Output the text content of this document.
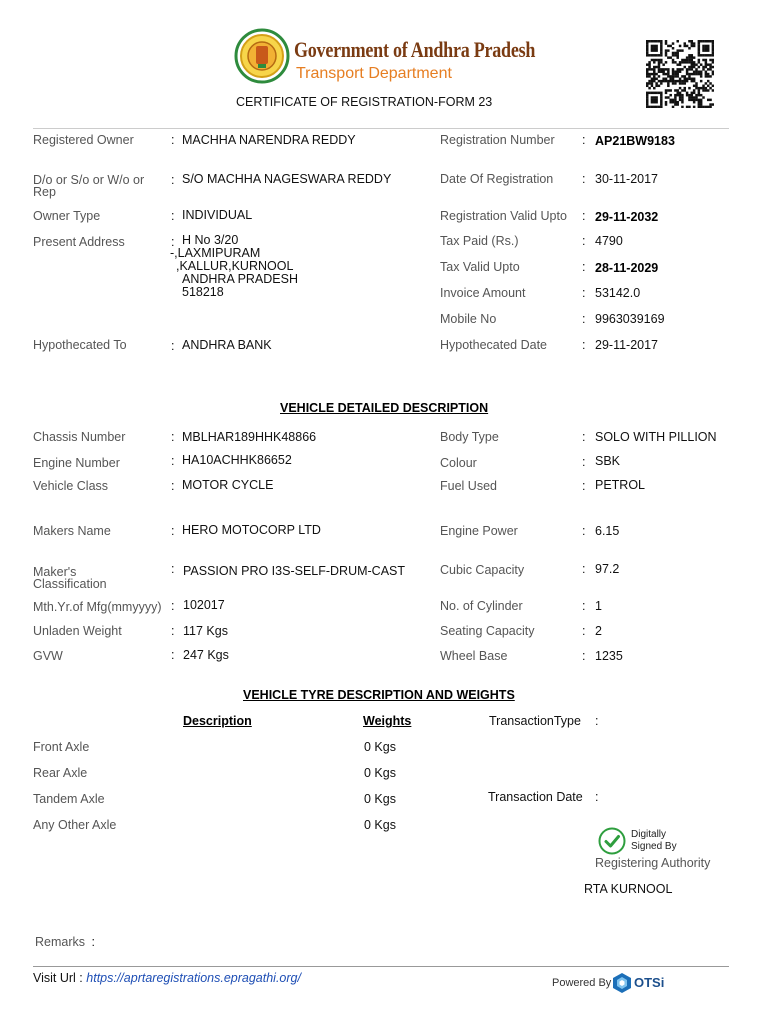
Government of Andhra Pradesh
Transport Department
CERTIFICATE OF REGISTRATION-FORM 23
Registered Owner	: MACHHA NARENDRA REDDY
D/o or S/o or W/o or
Rep
: S/O MACHHA NAGESWARA REDDY
Owner Type	: INDIVIDUAL
Present Address	: H No 3/20
-,LAXMIPURAM
,KALLUR,KURNOOL
ANDHRA PRADESH
518218
Hypothecated To	: ANDHRA BANK
Registration Number : AP21BW9183
Date Of Registration : 30-11-2017
Registration Valid Upto : 29-11-2032
Tax Paid (Rs.)	: 4790
Tax Valid Upto	: 28-11-2029
Invoice Amount	: 53142.0
Mobile No	: 9963039169
Hypothecated Date	: 29-11-2017
VEHICLE DETAILED DESCRIPTION
Chassis Number	: MBLHAR189HHK48866
Engine Number	: HA10ACHHK86652
Vehicle Class	: MOTOR CYCLE
Makers Name	: HERO MOTOCORP LTD
Maker's
Classification
: PASSION PRO I3S-SELF-DRUM-CAST
Mth.Yr.of Mfg(mmyyyy) : 102017
Unladen Weight	: 117 Kgs
GVW	: 247 Kgs
Body Type	: SOLO WITH PILLION
Colour	: SBK
Fuel Used	: PETROL
Engine Power	: 6.15
Cubic Capacity	: 97.2
No. of Cylinder	: 1
Seating Capacity	: 2
Wheel Base	: 1235
VEHICLE TYRE DESCRIPTION AND WEIGHTS
Description	Weights	TransactionType :
Front Axle	0 Kgs
Rear Axle	0 Kgs
Tandem Axle	0 Kgs
Any Other Axle	0 Kgs
Transaction Date :
Digitally
Signed By
Registering Authority
RTA KURNOOL
Remarks :
Visit Url : https://aprtaregistrations.epragathi.org/	Powered By OTSi
